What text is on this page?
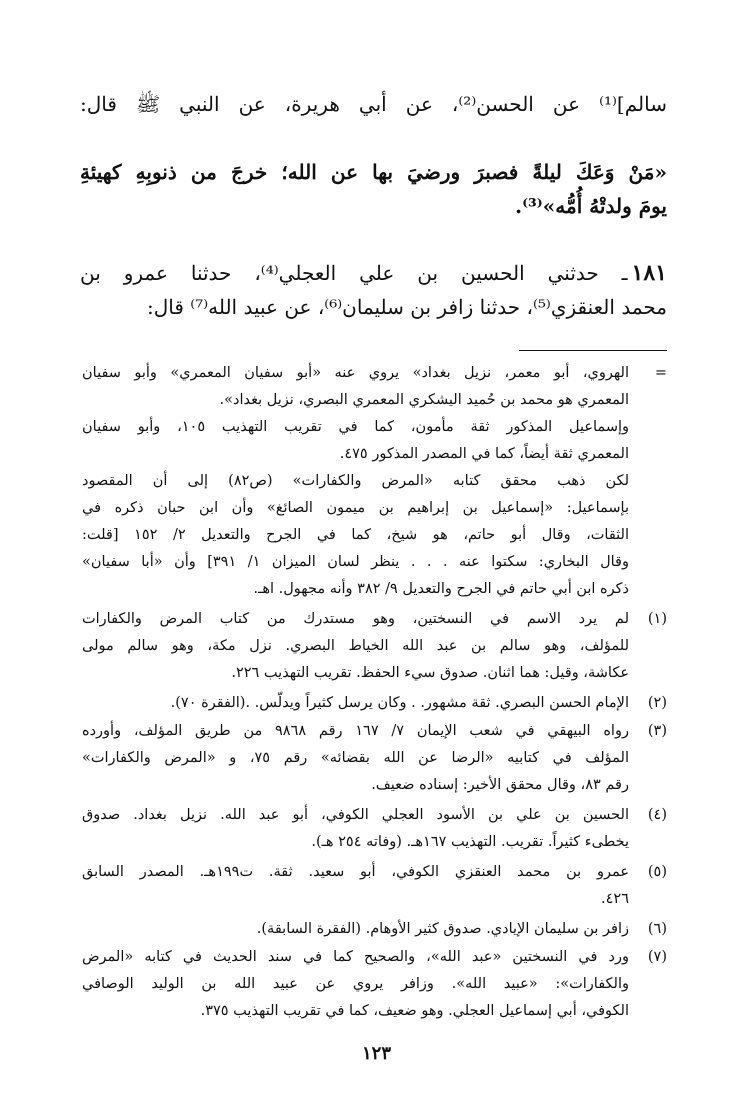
سالم]⁽¹⁾ عن الحسن⁽²⁾، عن أبي هريرة، عن النبي ﷺ قال:
«مَنْ وَعَكَ ليلةً فصبرَ ورضيَ بها عن الله؛ خرجَ من ذنوبِهِ كهيئةِ
يومَ ولدتْهُ أُمُّه»⁽³⁾.
١٨١ـ حدثني الحسين بن علي العجلي⁽⁴⁾، حدثنا عمرو بن
محمد العنقزي⁽⁵⁾، حدثنا زافر بن سليمان⁽⁶⁾، عن عبيد الله⁽⁷⁾ قال:
=
الهروي، أبو معمر، نزيل بغداد» يروي عنه «أبو سفيان المعمري» وأبو سفيان
المعمري هو محمد بن حُميد اليشكري المعمري البصري، نزيل بغداد».
وإسماعيل المذكور ثقة مأمون، كما في تقريب التهذيب ١٠٥، وأبو سفيان
المعمري ثقة أيضاً، كما في المصدر المذكور ٤٧٥.
لكن ذهب محقق كتابه «المرض والكفارات» (ص٨٢) إلى أن المقصود
بإسماعيل: «إسماعيل بن إبراهيم بن ميمون الصائغ» وأن ابن حبان ذكره في
الثقات، وقال أبو حاتم، هو شيخ، كما في الجرح والتعديل ٢/ ١٥٢ [قلت:
وقال البخاري: سكتوا عنه . . . ينظر لسان الميزان ١/ ٣٩١] وأن «أبا سفيان»
ذكره ابن أبي حاتم في الجرح والتعديل ٩/ ٣٨٢ وأنه مجهول. اهـ.
(١)
لم يرد الاسم في النسختين، وهو مستدرك من كتاب المرض والكفارات
للمؤلف، وهو سالم بن عبد الله الخياط البصري. نزل مكة، وهو سالم مولى
عكاشة، وقيل: هما اثنان. صدوق سيء الحفظ. تقريب التهذيب ٢٢٦.
(٢)
الإمام الحسن البصري. ثقة مشهور. . وكان يرسل كثيراً ويدلّس. .(الفقرة ٧٠).
(٣)
رواه البيهقي في شعب الإيمان ٧/ ١٦٧ رقم ٩٨٦٨ من طريق المؤلف، وأورده
المؤلف في كتابيه «الرضا عن الله بقضائه» رقم ٧٥، و «المرض والكفارات»
رقم ٨٣، وقال محقق الأخير: إسناده ضعيف.
(٤)
الحسين بن علي بن الأسود العجلي الكوفي، أبو عبد الله. نزيل بغداد. صدوق
يخطىء كثيراً. تقريب. التهذيب ١٦٧هـ. (وفاته ٢٥٤ هـ).
(٥)
عمرو بن محمد العنقزي الكوفي، أبو سعيد. ثقة. ت١٩٩هـ. المصدر السابق
٤٢٦.
(٦)
زافر بن سليمان الإيادي. صدوق كثير الأوهام. (الفقرة السابقة).
(٧)
ورد في النسختين «عبد الله»، والصحيح كما في سند الحديث في كتابه «المرض
والكفارات»: «عبيد الله». وزافر يروي عن عبيد الله بن الوليد الوصافي
الكوفي، أبي إسماعيل العجلي. وهو ضعيف، كما في تقريب التهذيب ٣٧٥.
١٢٣
